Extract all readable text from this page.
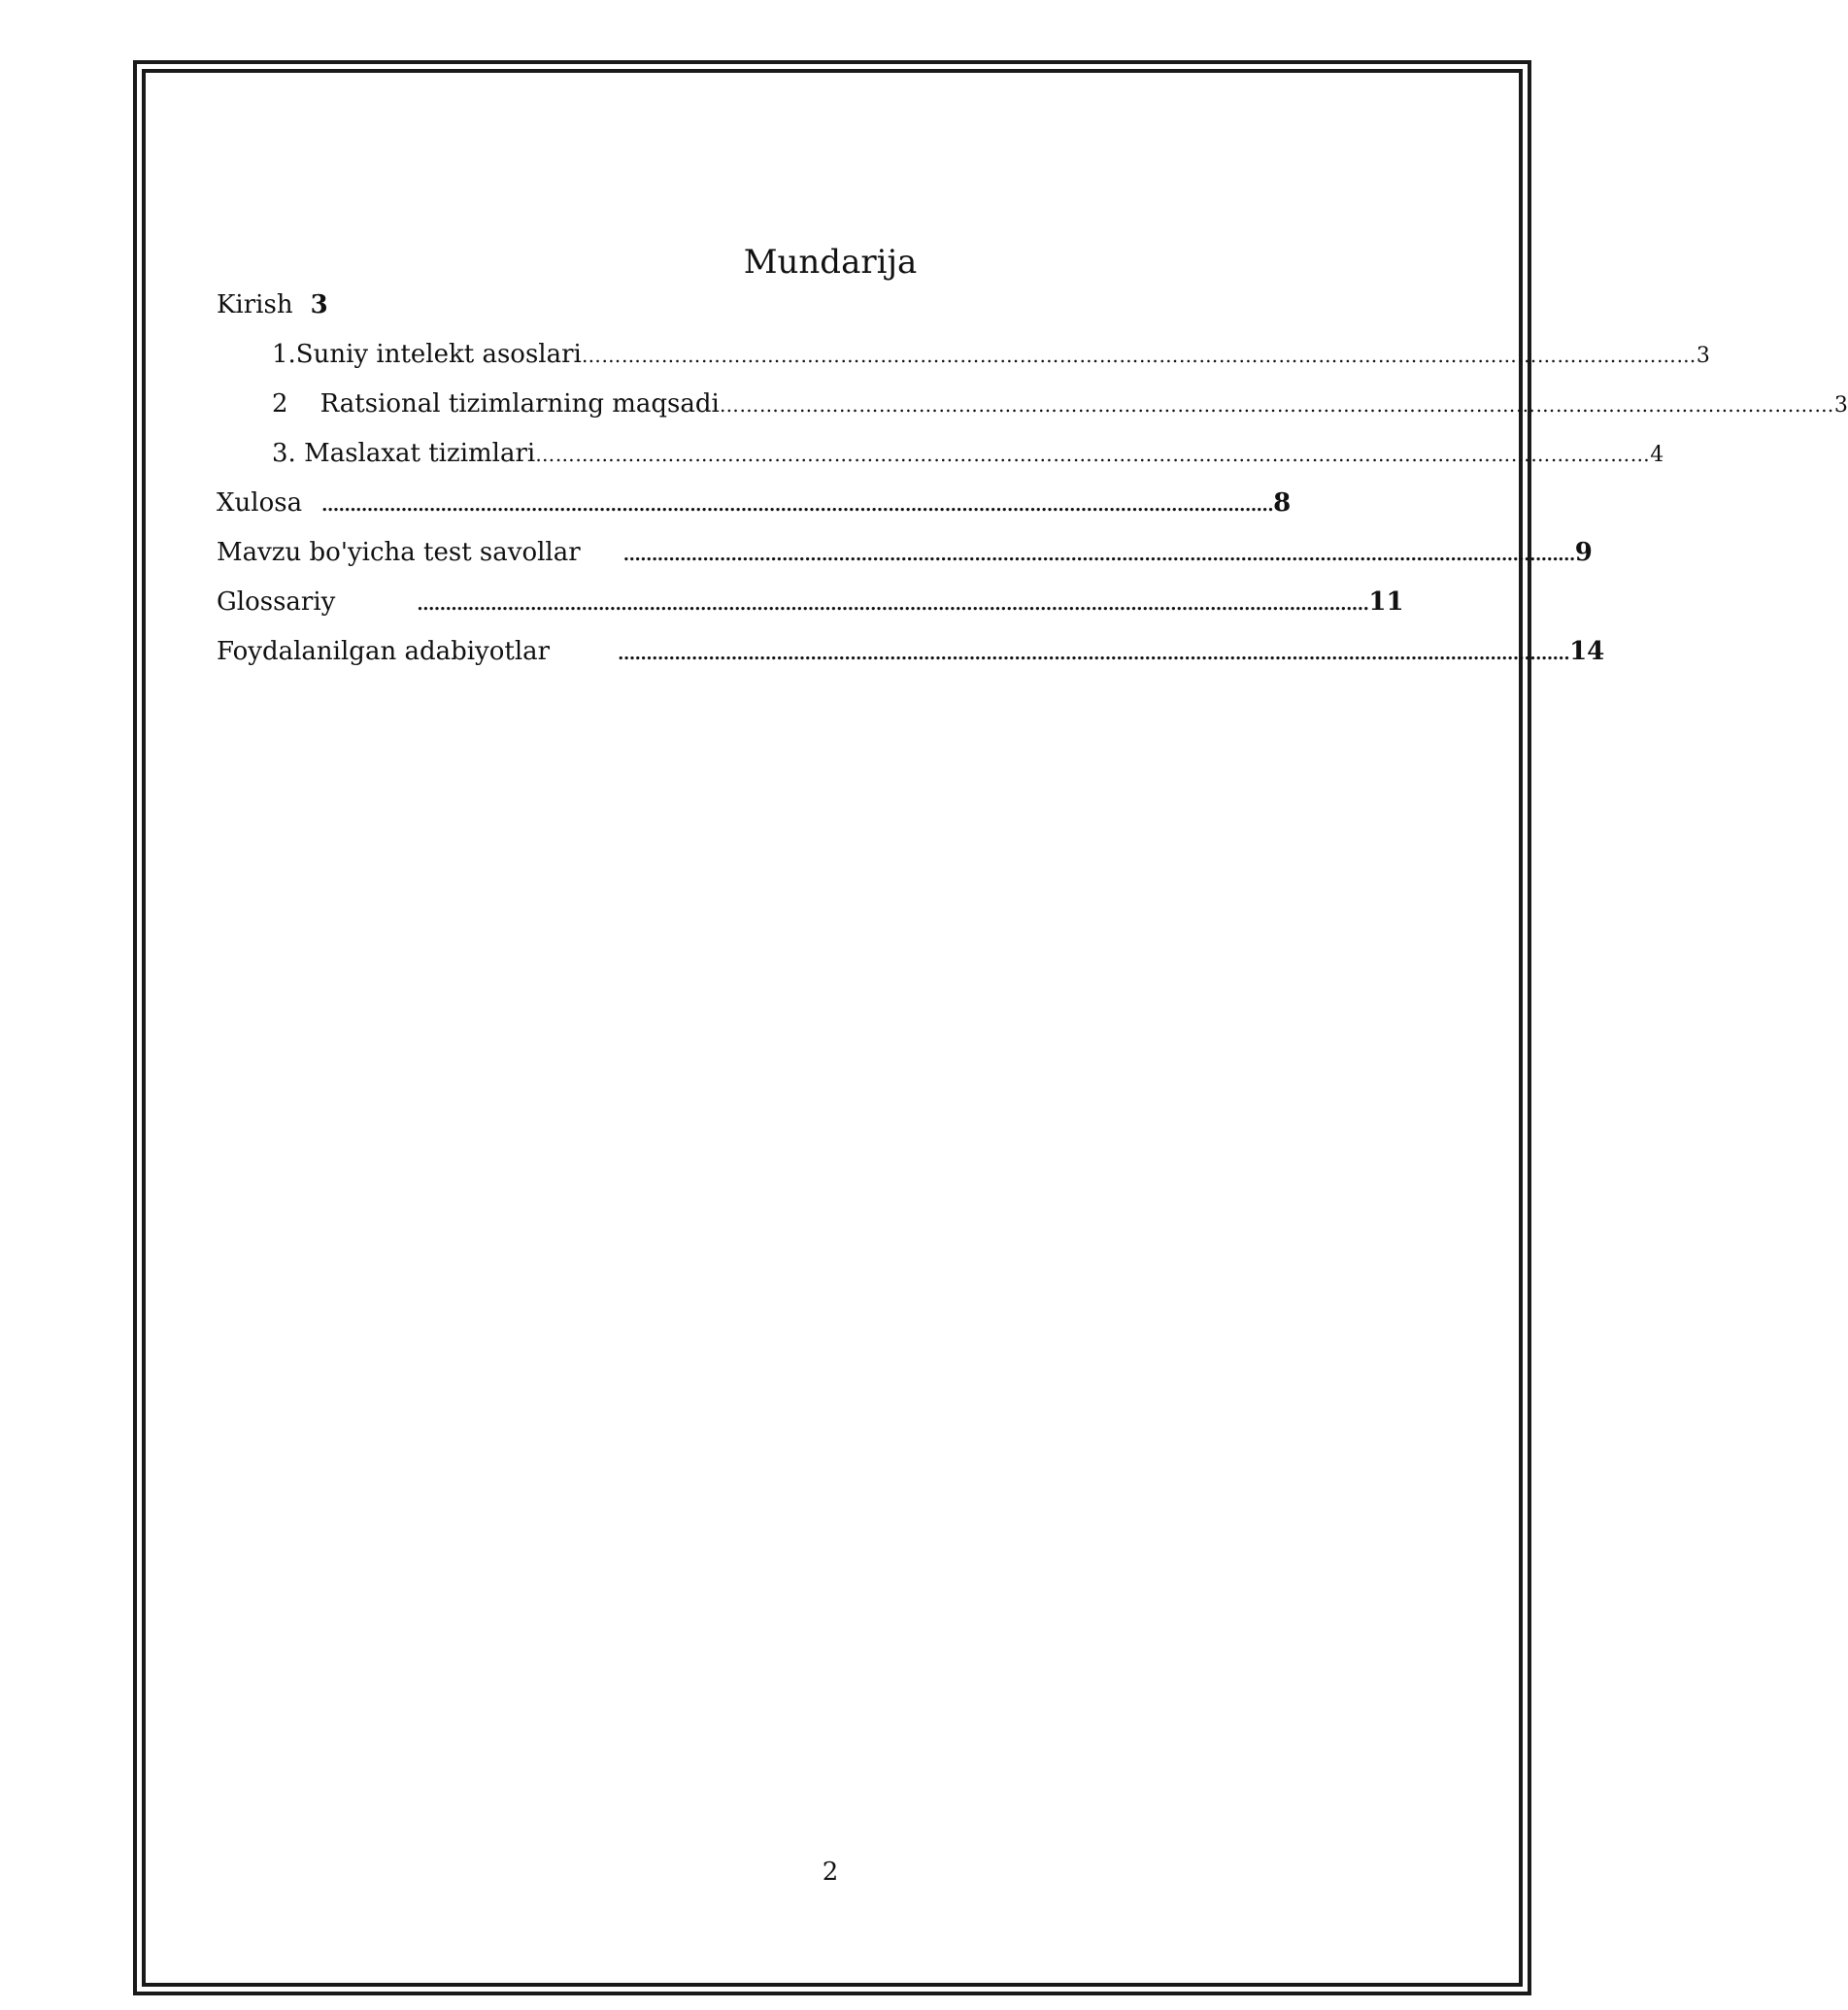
Mundarija
Kirish 3
1.Suniy intelekt asoslari …………………………………………………………………………………………………………………………………………………… 3
2    Ratsional tizimlarning maqsadi …………………………………………………………………………………………………………………………………………………… 3
3. Maslaxat tizimlari …………………………………………………………………………………………………………………………………………………… 4
Xulosa …………………………………………………………………………………………………………………………………………………… 8
Mavzu bo'yicha test savollar …………………………………………………………………………………………………………………………………………………… 9
Glossariy	…………………………………………………………………………………………………………………………………………………… 11
Foydalanilgan adabiyotlar	…………………………………………………………………………………………………………………………………………………… 14
2
